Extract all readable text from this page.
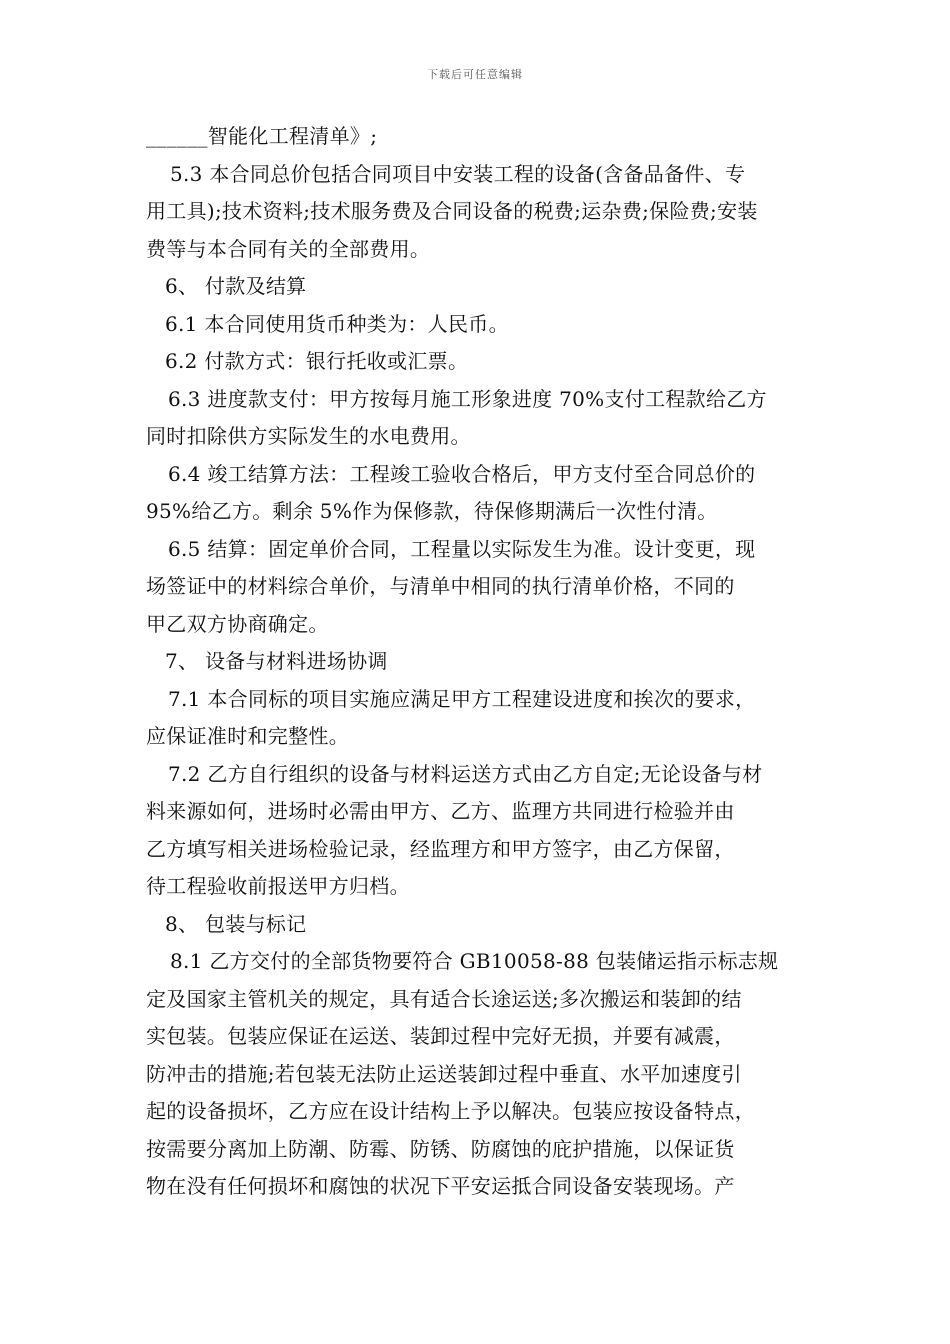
下载后可任意编辑
______智能化工程清单》;
5.3 本合同总价包括合同项目中安装工程的设备(含备品备件、专
用工具);技术资料;技术服务费及合同设备的税费;运杂费;保险费;安装
费等与本合同有关的全部费用。
6、 付款及结算
6.1 本合同使用货币种类为：人民币。
6.2 付款方式：银行托收或汇票。
6.3 进度款支付：甲方按每月施工形象进度 70%支付工程款给乙方
同时扣除供方实际发生的水电费用。
6.4 竣工结算方法：工程竣工验收合格后，甲方支付至合同总价的
95%给乙方。剩余 5%作为保修款，待保修期满后一次性付清。
6.5 结算：固定单价合同，工程量以实际发生为准。设计变更，现
场签证中的材料综合单价，与清单中相同的执行清单价格，不同的
甲乙双方协商确定。
7、 设备与材料进场协调
7.1 本合同标的项目实施应满足甲方工程建设进度和挨次的要求，
应保证准时和完整性。
7.2 乙方自行组织的设备与材料运送方式由乙方自定;无论设备与材
料来源如何，进场时必需由甲方、乙方、监理方共同进行检验并由
乙方填写相关进场检验记录，经监理方和甲方签字，由乙方保留，
待工程验收前报送甲方归档。
8、 包装与标记
8.1 乙方交付的全部货物要符合 GB10058-88 包装储运指示标志规
定及国家主管机关的规定，具有适合长途运送;多次搬运和装卸的结
实包装。包装应保证在运送、装卸过程中完好无损，并要有减震，
防冲击的措施;若包装无法防止运送装卸过程中垂直、水平加速度引
起的设备损坏，乙方应在设计结构上予以解决。包装应按设备特点，
按需要分离加上防潮、防霉、防锈、防腐蚀的庇护措施，以保证货
物在没有任何损坏和腐蚀的状况下平安运抵合同设备安装现场。产
